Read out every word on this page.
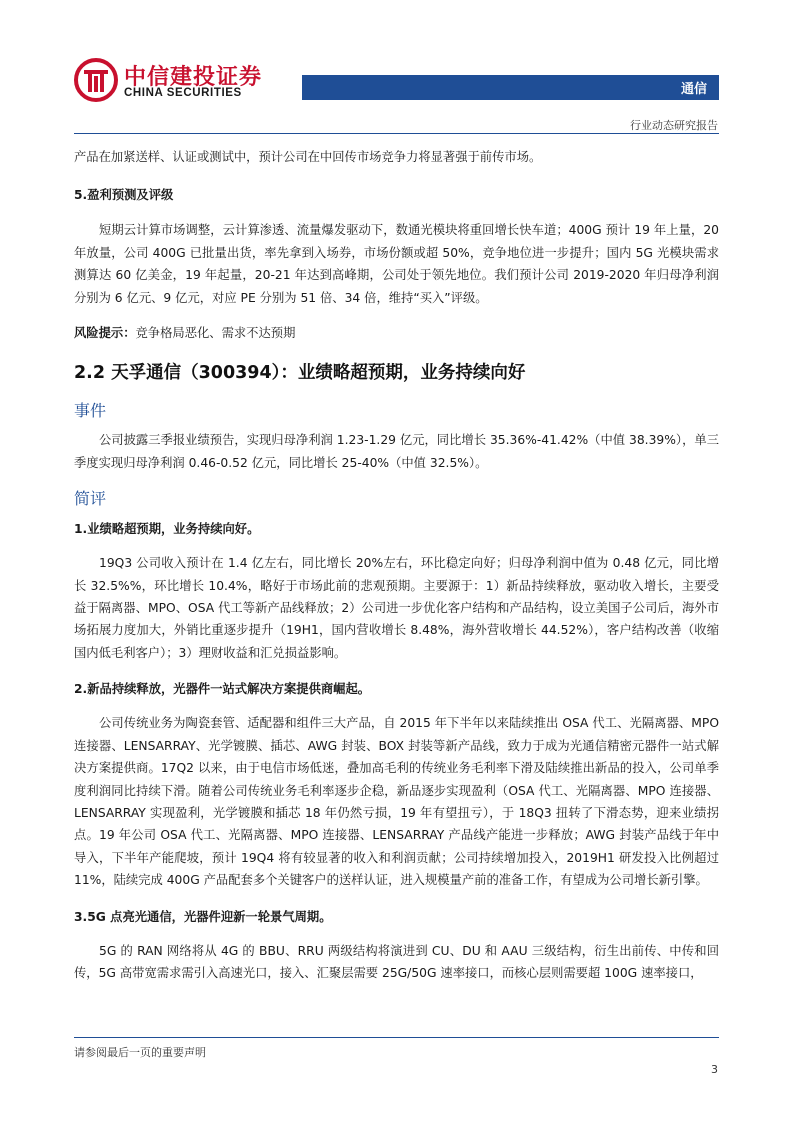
中信建投证券
CHINA SECURITIES	通信
行业动态研究报告

产品在加紧送样、认证或测试中，预计公司在中回传市场竞争力将显著强于前传市场。

5.盈利预测及评级

短期云计算市场调整，云计算渗透、流量爆发驱动下，数通光模块将重回增长快车道；400G 预计 19 年上量，20 年放量，公司 400G 已批量出货，率先拿到入场券，市场份额或超 50%，竞争地位进一步提升；国内 5G 光模块需求测算达 60 亿美金，19 年起量，20-21 年达到高峰期，公司处于领先地位。我们预计公司 2019-2020 年归母净利润分别为 6 亿元、9 亿元，对应 PE 分别为 51 倍、34 倍，维持“买入”评级。

风险提示：竞争格局恶化、需求不达预期

2.2 天孚通信（300394）：业绩略超预期，业务持续向好

事件

公司披露三季报业绩预告，实现归母净利润 1.23-1.29 亿元，同比增长 35.36%-41.42%（中值 38.39%），单三季度实现归母净利润 0.46-0.52 亿元，同比增长 25-40%（中值 32.5%）。

简评

1.业绩略超预期，业务持续向好。

19Q3 公司收入预计在 1.4 亿左右，同比增长 20%左右，环比稳定向好；归母净利润中值为 0.48 亿元，同比增长 32.5%%，环比增长 10.4%，略好于市场此前的悲观预期。主要源于：1）新品持续释放，驱动收入增长，主要受益于隔离器、MPO、OSA 代工等新产品线释放；2）公司进一步优化客户结构和产品结构，设立美国子公司后，海外市场拓展力度加大，外销比重逐步提升（19H1，国内营收增长 8.48%，海外营收增长 44.52%），客户结构改善（收缩国内低毛利客户）；3）理财收益和汇兑损益影响。

2.新品持续释放，光器件一站式解决方案提供商崛起。

公司传统业务为陶瓷套管、适配器和组件三大产品，自 2015 年下半年以来陆续推出 OSA 代工、光隔离器、MPO 连接器、LENSARRAY、光学镀膜、插芯、AWG 封装、BOX 封装等新产品线，致力于成为光通信精密元器件一站式解决方案提供商。17Q2 以来，由于电信市场低迷，叠加高毛利的传统业务毛利率下滑及陆续推出新品的投入，公司单季度利润同比持续下滑。随着公司传统业务毛利率逐步企稳，新品逐步实现盈利（OSA 代工、光隔离器、MPO 连接器、LENSARRAY 实现盈利，光学镀膜和插芯 18 年仍然亏损，19 年有望扭亏），于 18Q3 扭转了下滑态势，迎来业绩拐点。19 年公司 OSA 代工、光隔离器、MPO 连接器、LENSARRAY 产品线产能进一步释放；AWG 封装产品线于年中导入，下半年产能爬坡，预计 19Q4 将有较显著的收入和利润贡献；公司持续增加投入，2019H1 研发投入比例超过 11%，陆续完成 400G 产品配套多个关键客户的送样认证，进入规模量产前的准备工作，有望成为公司增长新引擎。

3.5G 点亮光通信，光器件迎新一轮景气周期。

5G 的 RAN 网络将从 4G 的 BBU、RRU 两级结构将演进到 CU、DU 和 AAU 三级结构，衍生出前传、中传和回传，5G 高带宽需求需引入高速光口，接入、汇聚层需要 25G/50G 速率接口，而核心层则需要超 100G 速率接口，

请参阅最后一页的重要声明
3
